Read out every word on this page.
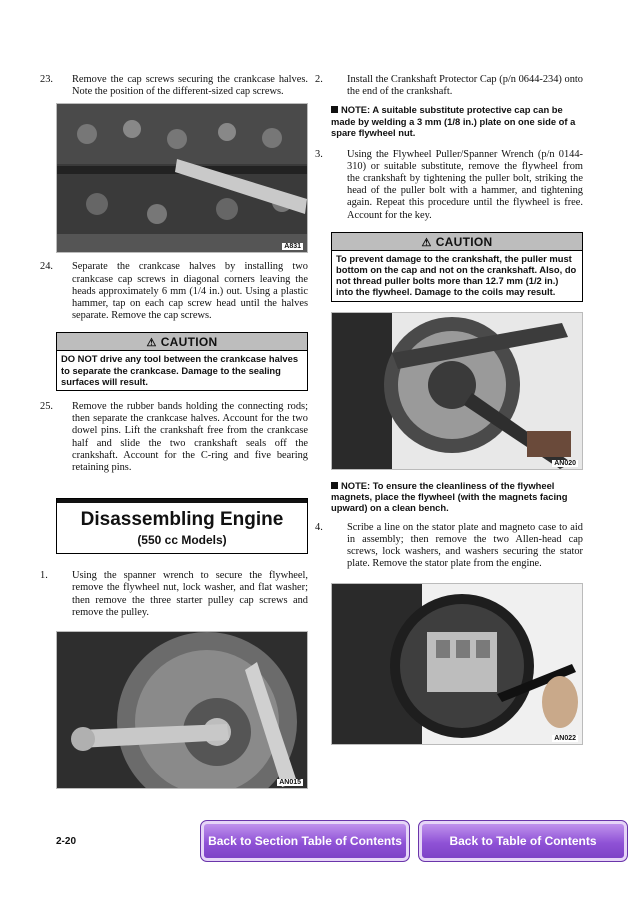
23. Remove the cap screws securing the crankcase halves. Note the position of the different-sized cap screws.

A831

24. Separate the crankcase halves by installing two crankcase cap screws in diagonal corners leaving the heads approximately 6 mm (1/4 in.) out. Using a plastic hammer, tap on each cap screw head until the halves separate. Remove the cap screws.

⚠ CAUTION
DO NOT drive any tool between the crankcase halves to separate the crankcase. Damage to the sealing surfaces will result.

25. Remove the rubber bands holding the connecting rods; then separate the crankcase halves. Account for the two dowel pins. Lift the crankshaft free from the crankcase half and slide the two crankshaft seals off the crankshaft. Account for the C-ring and five bearing retaining pins.

Disassembling Engine
(550 cc Models)

1. Using the spanner wrench to secure the flywheel, remove the flywheel nut, lock washer, and flat washer; then remove the three starter pulley cap screws and remove the pulley.

AN015

2. Install the Crankshaft Protector Cap (p/n 0644-234) onto the end of the crankshaft.

NOTE: A suitable substitute protective cap can be made by welding a 3 mm (1/8 in.) plate on one side of a spare flywheel nut.

3. Using the Flywheel Puller/Spanner Wrench (p/n 0144-310) or suitable substitute, remove the flywheel from the crankshaft by tightening the puller bolt, striking the head of the puller bolt with a hammer, and tightening again. Repeat this procedure until the flywheel is free. Account for the key.

⚠ CAUTION
To prevent damage to the crankshaft, the puller must bottom on the cap and not on the crankshaft. Also, do not thread puller bolts more than 12.7 mm (1/2 in.) into the flywheel. Damage to the coils may result.
AN020

NOTE: To ensure the cleanliness of the flywheel magnets, place the flywheel (with the magnets facing upward) on a clean bench.

4. Scribe a line on the stator plate and magneto case to aid in assembly; then remove the two Allen-head cap screws, lock washers, and washers securing the stator plate. Remove the stator plate from the engine.

AN022
2-20	Back to Section Table of Contents	Back to Table of Contents
